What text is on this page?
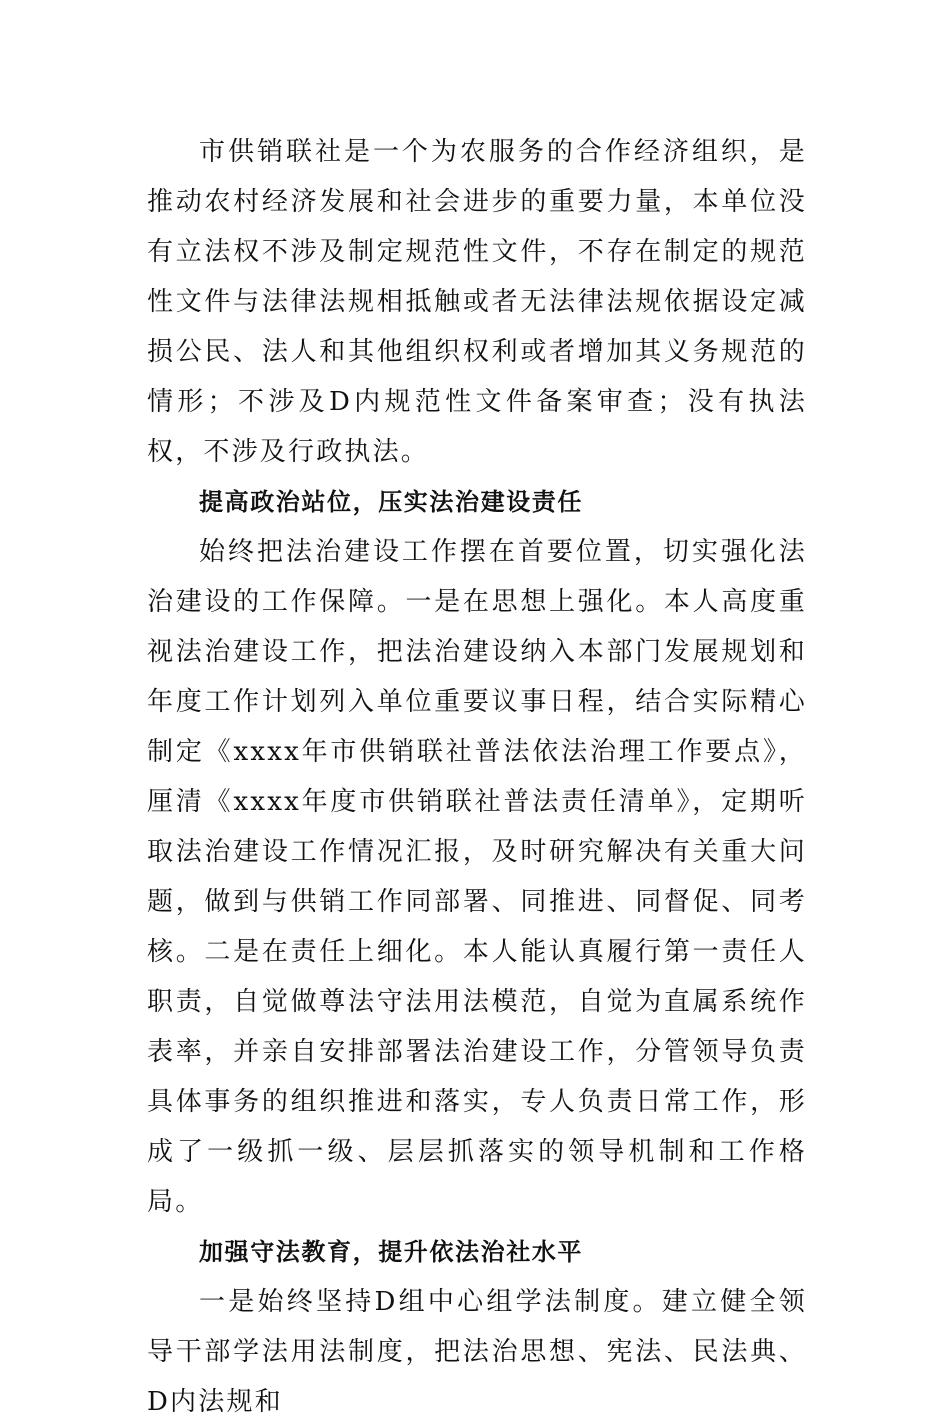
市供销联社是一个为农服务的合作经济组织，是推动农村经济发展和社会进步的重要力量，本单位没有立法权不涉及制定规范性文件，不存在制定的规范性文件与法律法规相抵触或者无法律法规依据设定减损公民、法人和其他组织权利或者增加其义务规范的情形；不涉及D内规范性文件备案审查；没有执法权，不涉及行政执法。

提高政治站位，压实法治建设责任

始终把法治建设工作摆在首要位置，切实强化法治建设的工作保障。一是在思想上强化。本人高度重视法治建设工作，把法治建设纳入本部门发展规划和年度工作计划列入单位重要议事日程，结合实际精心制定《xxxx年市供销联社普法依法治理工作要点》，厘清《xxxx年度市供销联社普法责任清单》，定期听取法治建设工作情况汇报，及时研究解决有关重大问题，做到与供销工作同部署、同推进、同督促、同考核。二是在责任上细化。本人能认真履行第一责任人职责，自觉做尊法守法用法模范，自觉为直属系统作表率，并亲自安排部署法治建设工作，分管领导负责具体事务的组织推进和落实，专人负责日常工作，形成了一级抓一级、层层抓落实的领导机制和工作格局。

加强守法教育，提升依法治社水平

一是始终坚持D组中心组学法制度。建立健全领导干部学法用法制度，把法治思想、宪法、民法典、D内法规和
